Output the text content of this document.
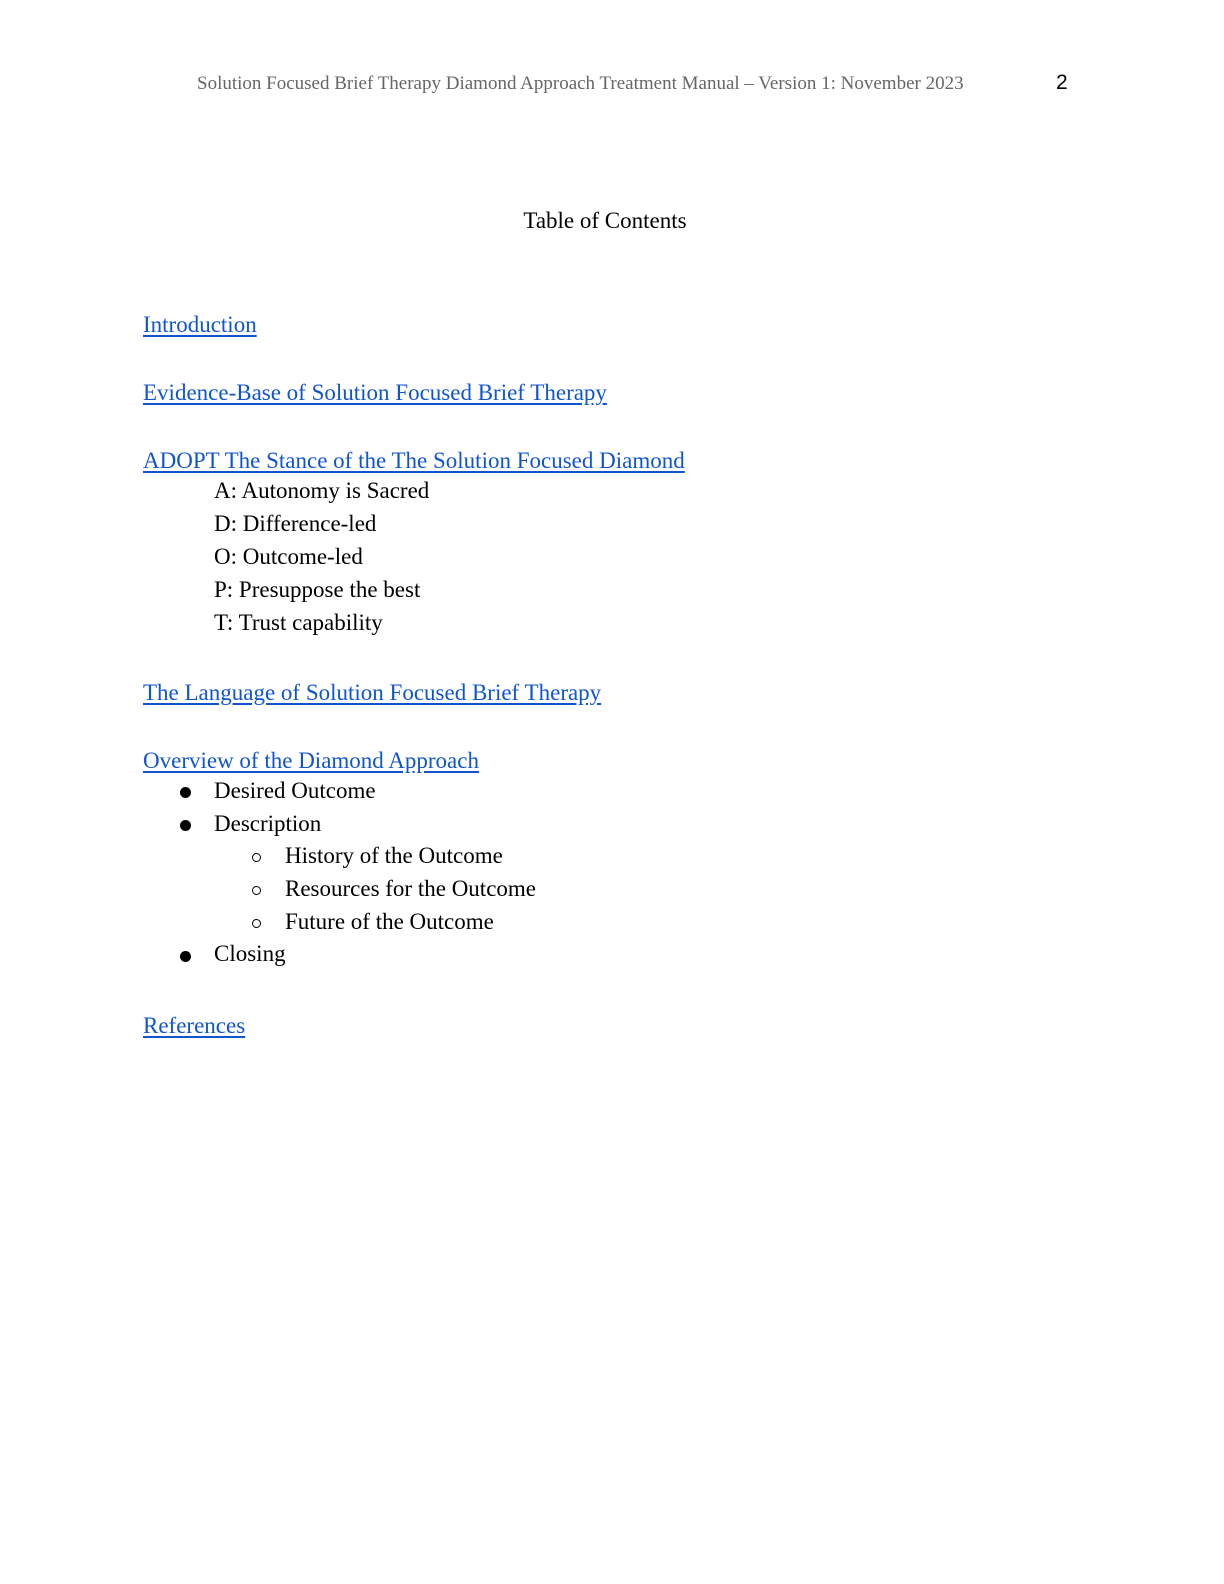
Solution Focused Brief Therapy Diamond Approach Treatment Manual – Version 1: November 2023	2
Table of Contents
Introduction
Evidence-Base of Solution Focused Brief Therapy
ADOPT The Stance of the The Solution Focused Diamond
A: Autonomy is Sacred
D: Difference-led
O: Outcome-led
P: Presuppose the best
T: Trust capability
The Language of Solution Focused Brief Therapy
Overview of the Diamond Approach
Desired Outcome
Description
History of the Outcome
Resources for the Outcome
Future of the Outcome
Closing
References
